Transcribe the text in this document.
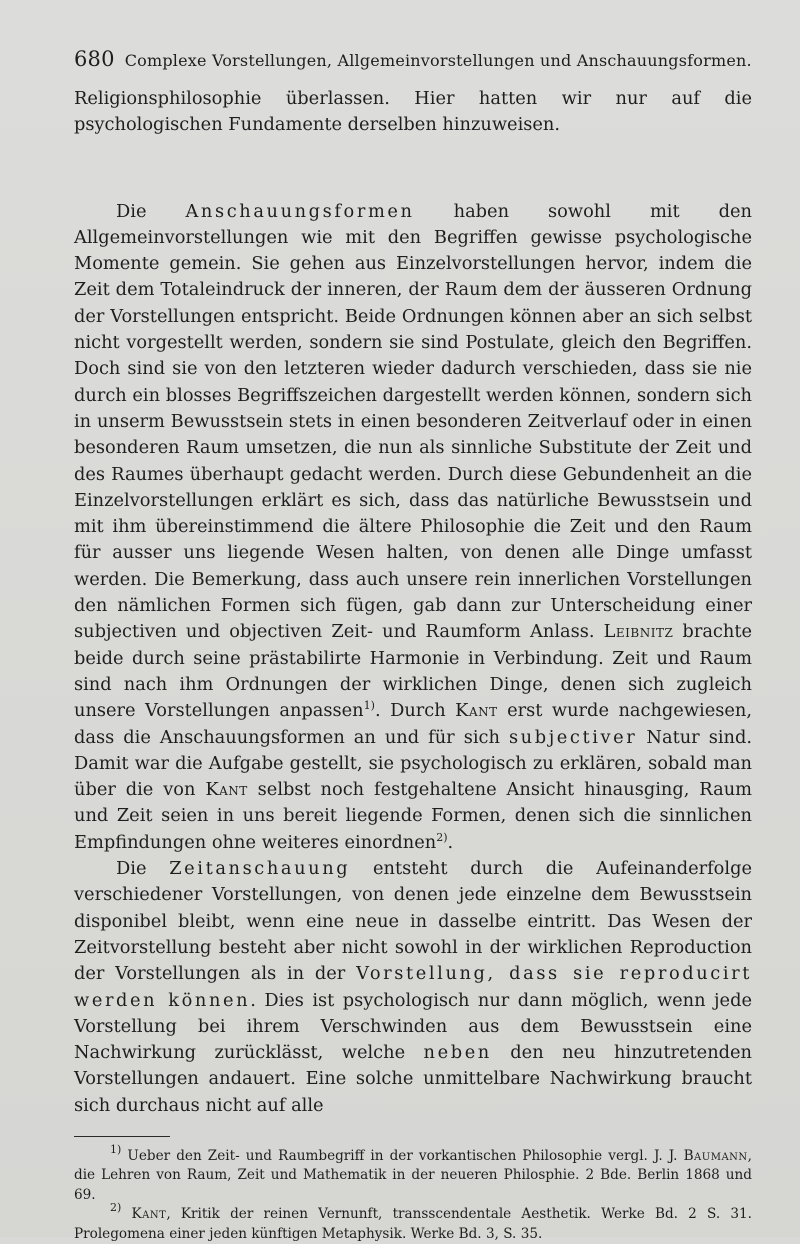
680 Complexe Vorstellungen, Allgemeinvorstellungen und Anschauungsformen.

Religionsphilosophie überlassen. Hier hatten wir nur auf die psychologischen Fundamente derselben hinzuweisen.

Die Anschauungsformen haben sowohl mit den Allgemeinvorstellungen wie mit den Begriffen gewisse psychologische Momente gemein. Sie gehen aus Einzelvorstellungen hervor, indem die Zeit dem Totaleindruck der inneren, der Raum dem der äusseren Ordnung der Vorstellungen entspricht. Beide Ordnungen können aber an sich selbst nicht vorgestellt werden, sondern sie sind Postulate, gleich den Begriffen. Doch sind sie von den letzteren wieder dadurch verschieden, dass sie nie durch ein blosses Begriffszeichen dargestellt werden können, sondern sich in unserm Bewusstsein stets in einen besonderen Zeitverlauf oder in einen besonderen Raum umsetzen, die nun als sinnliche Substitute der Zeit und des Raumes überhaupt gedacht werden. Durch diese Gebundenheit an die Einzelvorstellungen erklärt es sich, dass das natürliche Bewusstsein und mit ihm übereinstimmend die ältere Philosophie die Zeit und den Raum für ausser uns liegende Wesen halten, von denen alle Dinge umfasst werden. Die Bemerkung, dass auch unsere rein innerlichen Vorstellungen den nämlichen Formen sich fügen, gab dann zur Unterscheidung einer subjectiven und objectiven Zeit- und Raumform Anlass. Leibnitz brachte beide durch seine prästabilirte Harmonie in Verbindung. Zeit und Raum sind nach ihm Ordnungen der wirklichen Dinge, denen sich zugleich unsere Vorstellungen anpassen$^{1)}$. Durch Kant erst wurde nachgewiesen, dass die Anschauungsformen an und für sich subjectiver Natur sind. Damit war die Aufgabe gestellt, sie psychologisch zu erklären, sobald man über die von Kant selbst noch festgehaltene Ansicht hinausging, Raum und Zeit seien in uns bereit liegende Formen, denen sich die sinnlichen Empfindungen ohne weiteres einordnen$^{2)}$.

Die Zeitanschauung entsteht durch die Aufeinanderfolge verschiedener Vorstellungen, von denen jede einzelne dem Bewusstsein disponibel bleibt, wenn eine neue in dasselbe eintritt. Das Wesen der Zeitvorstellung besteht aber nicht sowohl in der wirklichen Reproduction der Vorstellungen als in der Vorstellung, dass sie reproducirt werden können. Dies ist psychologisch nur dann möglich, wenn jede Vorstellung bei ihrem Verschwinden aus dem Bewusstsein eine Nachwirkung zurücklässt, welche neben den neu hinzutretenden Vorstellungen andauert. Eine solche unmittelbare Nachwirkung braucht sich durchaus nicht auf alle

$^{1)}$ Ueber den Zeit- und Raumbegriff in der vorkantischen Philosophie vergl. J. J. Baumann, die Lehren von Raum, Zeit und Mathematik in der neueren Philosphie. 2 Bde. Berlin 1868 und 69.

$^{2)}$ Kant, Kritik der reinen Vernunft, transscendentale Aesthetik. Werke Bd. 2 S. 31. Prolegomena einer jeden künftigen Metaphysik. Werke Bd. 3, S. 35.
